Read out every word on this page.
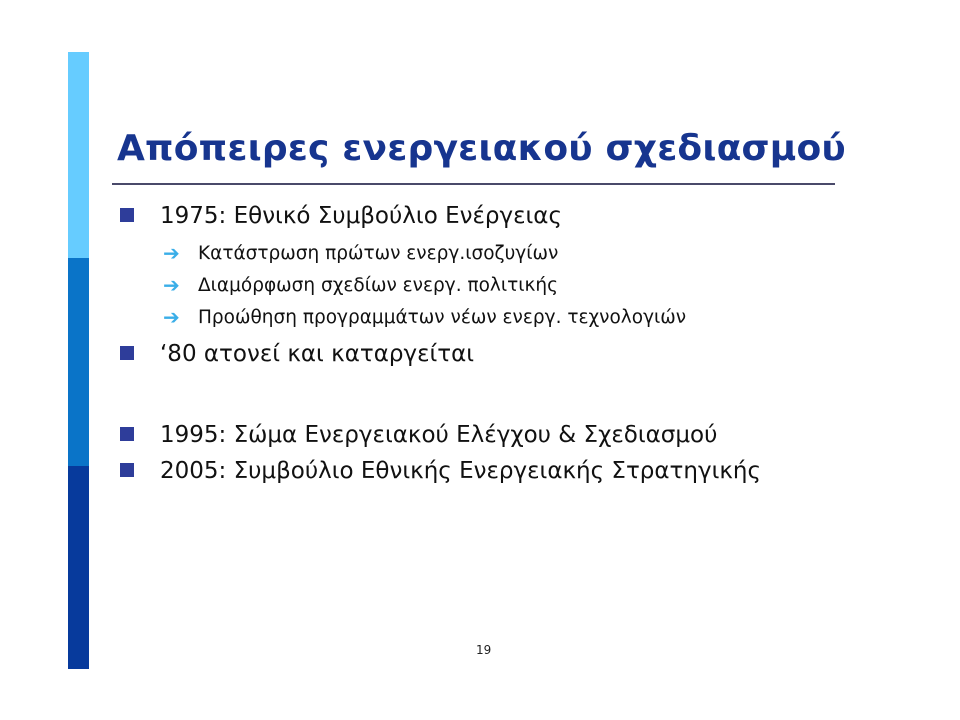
Απόπειρες ενεργειακού σχεδιασμού
1975: Εθνικό Συμβούλιο Ενέργειας
➔ Κατάστρωση πρώτων ενεργ.ισοζυγίων
➔ Διαμόρφωση σχεδίων ενεργ. πολιτικής
➔ Προώθηση προγραμμάτων νέων ενεργ. τεχνολογιών
‘80 ατονεί και καταργείται
1995: Σώμα Ενεργειακού Ελέγχου & Σχεδιασμού
2005: Συμβούλιο Εθνικής Ενεργειακής Στρατηγικής
19
